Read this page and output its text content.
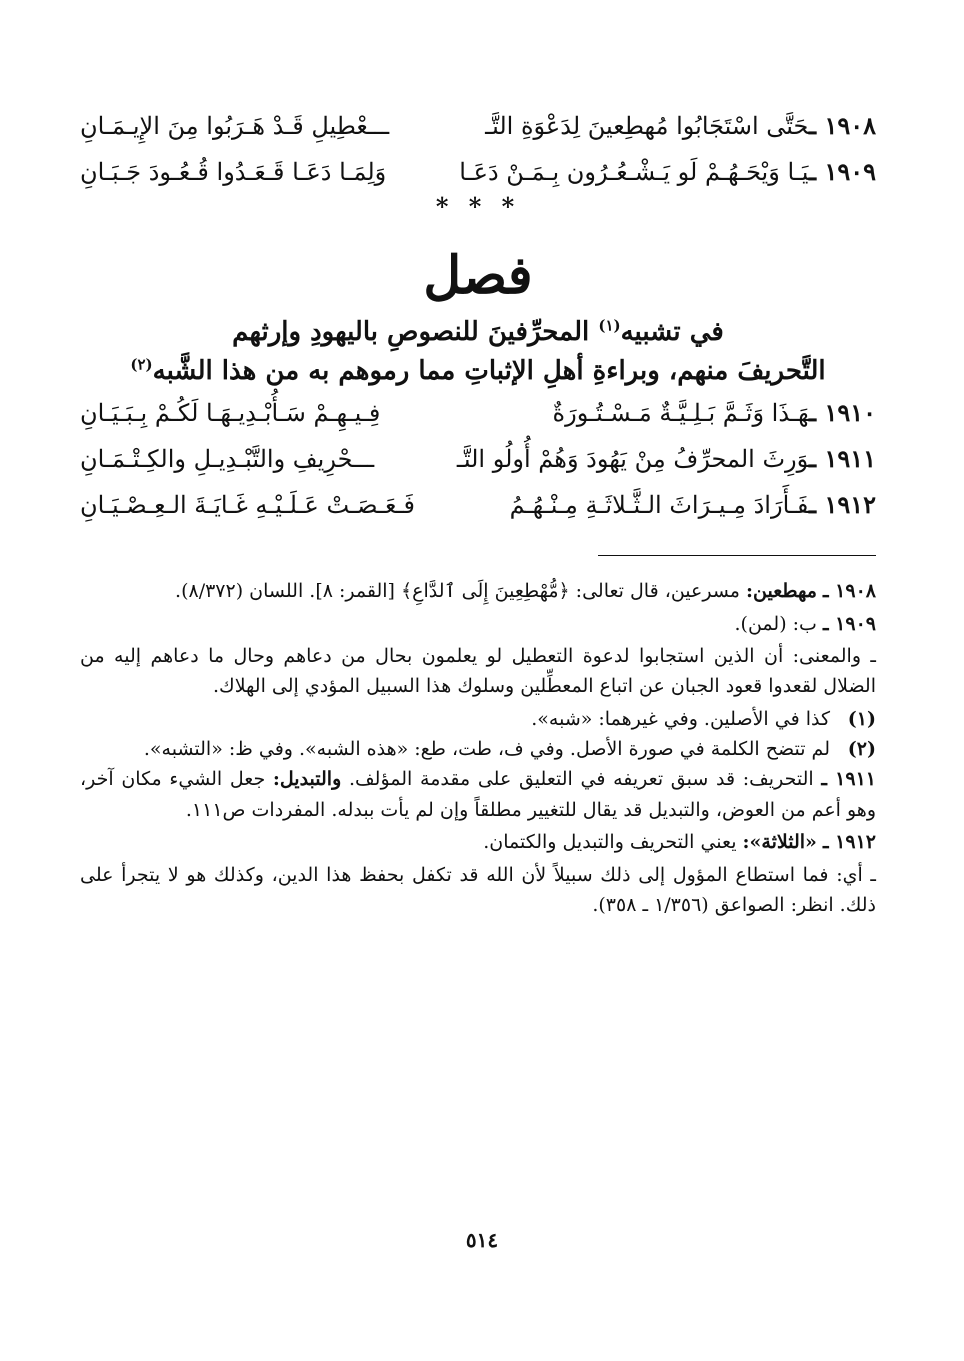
١٩٠٨ ـحَتَّى اسْتَجَابُوا مُهطِعينَ لِدَعْوَةِ التَّـ
ـــعْطِيلِ قَـدْ هَـرَبُوا مِنَ الإِيـمَـانِ
١٩٠٩ ـيَـا وَيْحَـهُـمْ لَو يَـشْـعُـرُون بِـمَـنْ دَعَـا
وَلِمَـا دَعَـا قَـعَـدُوا قُـعُـودَ جَـبَـانِ
* * *
فصل
في تشبيه$^{(١)}$ المحرِّفينَ للنصوصِ باليهودِ وإرثهم
التَّحريفَ منهم، وبراءةِ أهلِ الإثباتِ مما رموهم به من هذا الشَّبه$^{(٢)}$
١٩١٠ ـهَـذَا وَثَـمَّ بَـلِـيَّـةٌ مَـسْـتُـورَةٌ
فِـيـهِـمْ سَـأُبْـدِيـهَـا لَكُـمْ بِـبَـيَـانِ
١٩١١ ـوَرِثَ المحرِّفُ مِنْ يَهُودَ وَهُمْ أُولُو التَّـ
ـــحْرِيفِ والتَّبْـدِيـلِ والكِـتْـمَـانِ
١٩١٢ ـفَـأَرَادَ مِـيـرَاثَ الـثَّـلاثَـةِ مِـنْـهُـمُ
فَـعَـصَـتْ عَـلَـيْـهِ غَـايَـةَ الـعِـصْـيَـانِ

١٩٠٨ ـ مهطعين: مسرعين، قال تعالى: ﴿مُّهْطِعِينَ إِلَى ٱلدَّاعِ﴾ [القمر: ٨]. اللسان (٨/٣٧٢).

١٩٠٩ ـ ب: (لمن).

ـ والمعنى: أن الذين استجابوا لدعوة التعطيل لو يعلمون بحال من دعاهم وحال ما دعاهم إليه من الضلال لقعدوا قعود الجبان عن اتباع المعطِّلين وسلوك هذا السبيل المؤدي إلى الهلاك.

(١)
كذا في الأصلين. وفي غيرهما: «شبه».
(٢)
لم تتضح الكلمة في صورة الأصل. وفي ف، طت، طع: «هذه الشبه». وفي ظ: «التشبه».

١٩١١ ـ التحريف: قد سبق تعريفه في التعليق على مقدمة المؤلف. والتبديل: جعل الشيء مكان آخر، وهو أعم من العوض، والتبديل قد يقال للتغيير مطلقاً وإن لم يأت ببدله. المفردات ص١١١.

١٩١٢ ـ «الثلاثة»: يعني التحريف والتبديل والكتمان.

ـ أي: فما استطاع المؤول إلى ذلك سبيلاً لأن الله قد تكفل بحفظ هذا الدين، وكذلك هو لا يتجرأ على ذلك. انظر: الصواعق (١/٣٥٦ ـ ٣٥٨).

٥١٤
